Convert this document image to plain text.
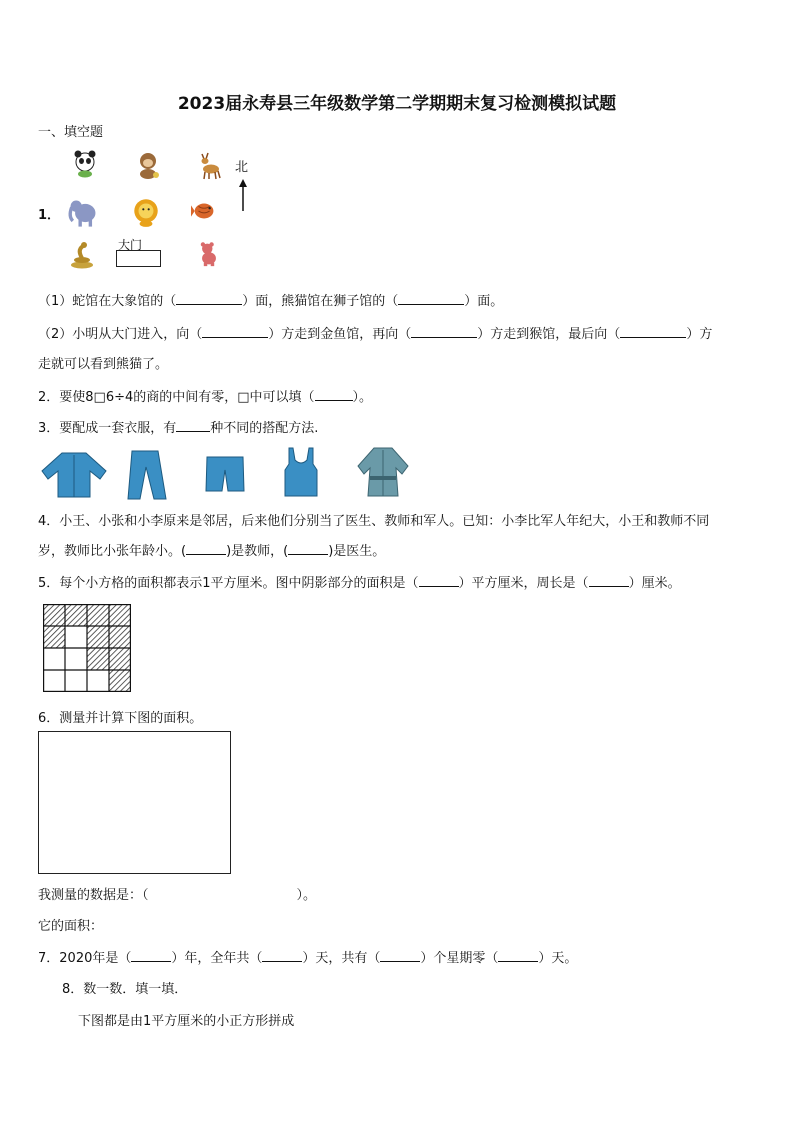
2023届永寿县三年级数学第二学期期末复习检测模拟试题
一、填空题
1．
北
大门
（1）蛇馆在大象馆的（	）面，熊猫馆在狮子馆的（	）面。
（2）小明从大门进入，向（	）方走到金鱼馆，再向（	）方走到猴馆，最后向（	）方
走就可以看到熊猫了。
2．要使8□6÷4的商的中间有零，□中可以填（	）。
3．要配成一套衣服，有	种不同的搭配方法.
4．小王、小张和小李原来是邻居，后来他们分别当了医生、教师和军人。已知：小李比军人年纪大，小王和教师不同
岁，教师比小张年龄小。(	)是教师，(	)是医生。
5．每个小方格的面积都表示1平方厘米。图中阴影部分的面积是（	）平方厘米，周长是（	）厘米。
6．测量并计算下图的面积。
我测量的数据是：（	）。
它的面积：
7．2020年是（	）年，全年共（	）天，共有（	）个星期零（	）天。
8．数一数．填一填．
下图都是由1平方厘米的小正方形拼成
